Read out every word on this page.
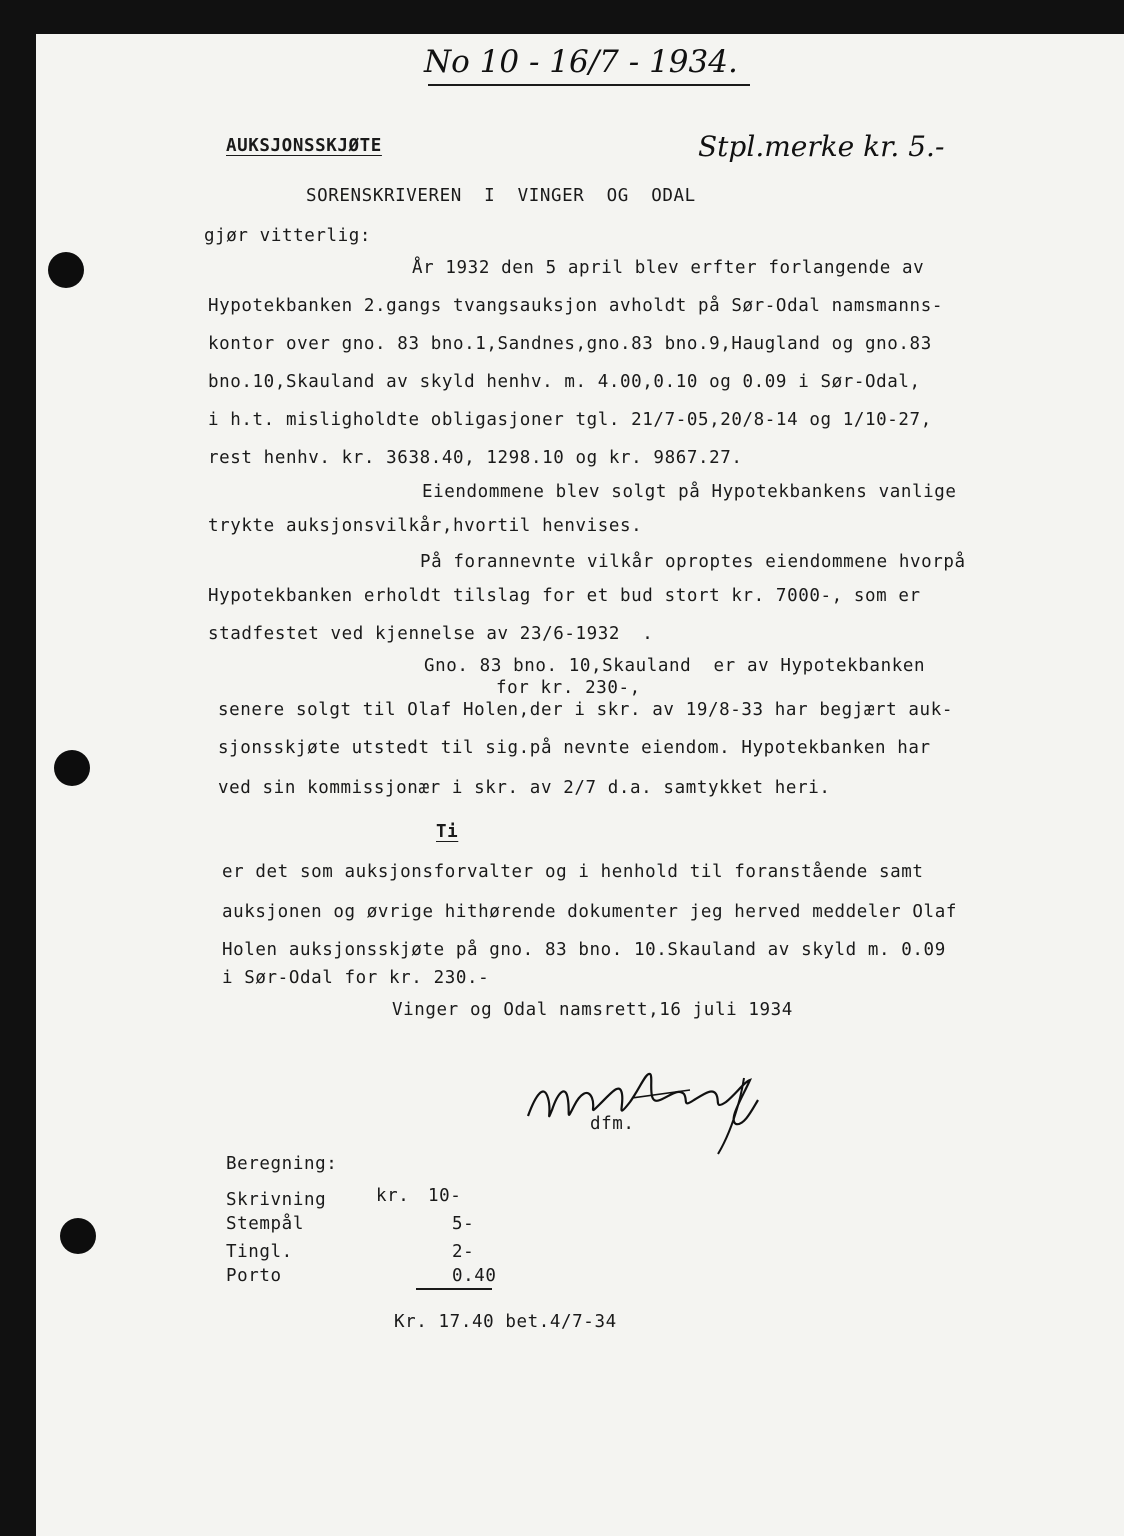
No 10 - 16/7 - 1934.
AUKSJONSSKJØTE	Stpl.merke kr. 5.-
SORENSKRIVEREN  I  VINGER  OG  ODAL
gjør vitterlig:
År 1932 den 5 april blev erfter forlangende av
Hypotekbanken 2.gangs tvangsauksjon avholdt på Sør-Odal namsmanns-
kontor over gno. 83 bno.1,Sandnes,gno.83 bno.9,Haugland og gno.83
bno.10,Skauland av skyld henhv. m. 4.00,0.10 og 0.09 i Sør-Odal,
i h.t. misligholdte obligasjoner tgl. 21/7-05,20/8-14 og 1/10-27,
rest henhv. kr. 3638.40, 1298.10 og kr. 9867.27.
Eiendommene blev solgt på Hypotekbankens vanlige
trykte auksjonsvilkår,hvortil henvises.
På forannevnte vilkår oproptes eiendommene hvorpå
Hypotekbanken erholdt tilslag for et bud stort kr. 7000-, som er
stadfestet ved kjennelse av 23/6-1932  .
Gno. 83 bno. 10,Skauland  er av Hypotekbanken
for kr. 230-,
senere solgt til Olaf Holen,der i skr. av 19/8-33 har begjært auk-
sjonsskjøte utstedt til sig.på nevnte eiendom. Hypotekbanken har
ved sin kommissjonær i skr. av 2/7 d.a. samtykket heri.
Ti
er det som auksjonsforvalter og i henhold til foranstående samt
auksjonen og øvrige hithørende dokumenter jeg herved meddeler Olaf
Holen auksjonsskjøte på gno. 83 bno. 10.Skauland av skyld m. 0.09
i Sør-Odal for kr. 230.-
Vinger og Odal namsrett,16 juli 1934
dfm.
Beregning:
Skrivning	kr. 10-
Stempål	5-
Tingl.	2-
Porto	0.40
Kr. 17.40 bet.4/7-34
